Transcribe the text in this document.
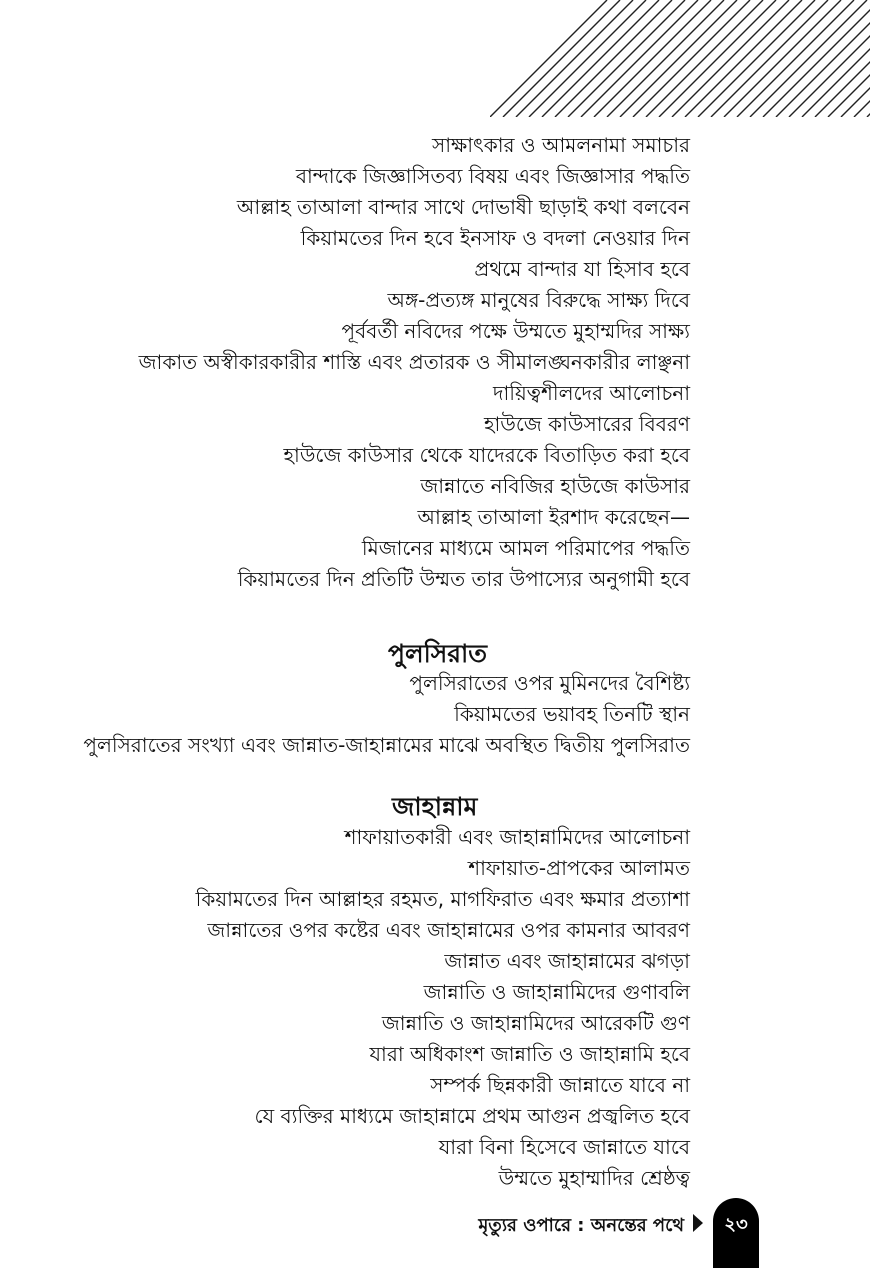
সাক্ষাৎকার ও আমলনামা সমাচার
বান্দাকে জিজ্ঞাসিতব্য বিষয় এবং জিজ্ঞাসার পদ্ধতি
আল্লাহ তাআলা বান্দার সাথে দোভাষী ছাড়াই কথা বলবেন
কিয়ামতের দিন হবে ইনসাফ ও বদলা নেওয়ার দিন
প্রথমে বান্দার যা হিসাব হবে
অঙ্গ-প্রত্যঙ্গ মানুষের বিরুদ্ধে সাক্ষ্য দিবে
পূর্ববর্তী নবিদের পক্ষে উম্মতে মুহাম্মদির সাক্ষ্য
জাকাত অস্বীকারকারীর শাস্তি এবং প্রতারক ও সীমালঙ্ঘনকারীর লাঞ্ছনা
দায়িত্বশীলদের আলোচনা
হাউজে কাউসারের বিবরণ
হাউজে কাউসার থেকে যাদেরকে বিতাড়িত করা হবে
জান্নাতে নবিজির হাউজে কাউসার
আল্লাহ তাআলা ইরশাদ করেছেন—
মিজানের মাধ্যমে আমল পরিমাপের পদ্ধতি
কিয়ামতের দিন প্রতিটি উম্মত তার উপাস্যের অনুগামী হবে
পুলসিরাত
পুলসিরাতের ওপর মুমিনদের বৈশিষ্ট্য
কিয়ামতের ভয়াবহ তিনটি স্থান
পুলসিরাতের সংখ্যা এবং জান্নাত-জাহান্নামের মাঝে অবস্থিত দ্বিতীয় পুলসিরাত
জাহান্নাম
শাফায়াতকারী এবং জাহান্নামিদের আলোচনা
শাফায়াত-প্রাপকের আলামত
কিয়ামতের দিন আল্লাহর রহমত, মাগফিরাত এবং ক্ষমার প্রত্যাশা
জান্নাতের ওপর কষ্টের এবং জাহান্নামের ওপর কামনার আবরণ
জান্নাত এবং জাহান্নামের ঝগড়া
জান্নাতি ও জাহান্নামিদের গুণাবলি
জান্নাতি ও জাহান্নামিদের আরেকটি গুণ
যারা অধিকাংশ জান্নাতি ও জাহান্নামি হবে
সম্পর্ক ছিন্নকারী জান্নাতে যাবে না
যে ব্যক্তির মাধ্যমে জাহান্নামে প্রথম আগুন প্রজ্বলিত হবে
যারা বিনা হিসেবে জান্নাতে যাবে
উম্মতে মুহাম্মাদির শ্রেষ্ঠত্ব
মৃত্যুর ওপারে : অনন্তের পথে	২৩
